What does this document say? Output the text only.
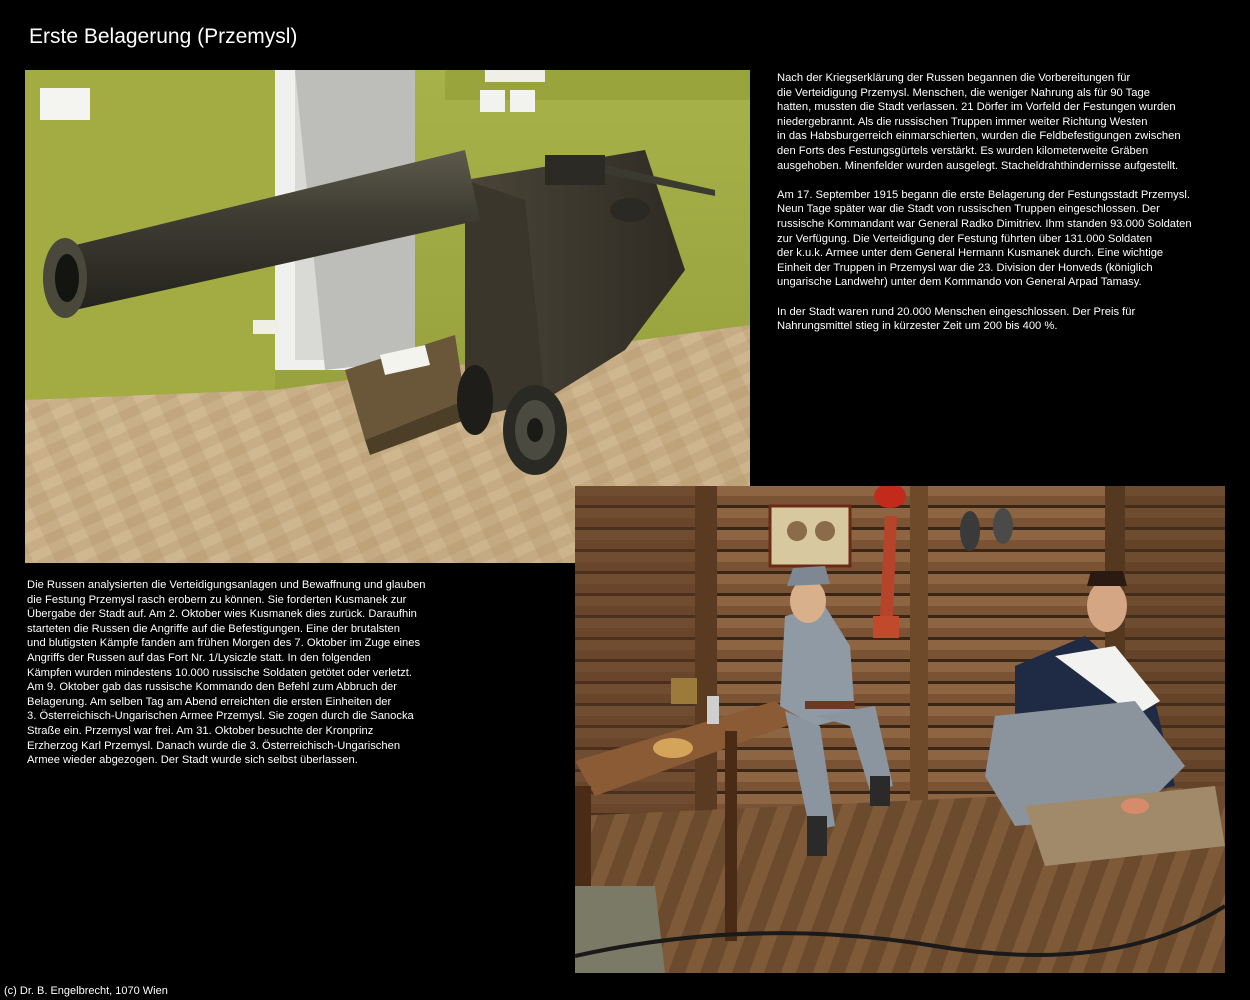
Erste Belagerung (Przemysl)

Nach der Kriegserklärung der Russen begannen die Vorbereitungen für
die Verteidigung Przemysl. Menschen, die weniger Nahrung als für 90 Tage
hatten, mussten die Stadt verlassen. 21 Dörfer im Vorfeld der Festungen wurden
niedergebrannt. Als die russischen Truppen immer weiter Richtung Westen
in das Habsburgerreich einmarschierten, wurden die Feldbefestigungen zwischen
den Forts des Festungsgürtels verstärkt. Es wurden kilometerweite Gräben
ausgehoben. Minenfelder wurden ausgelegt. Stacheldrahthindernisse aufgestellt.

Am 17. September 1915 begann die erste Belagerung der Festungsstadt Przemysl.
Neun Tage später war die Stadt von russischen Truppen eingeschlossen. Der
russische Kommandant war General Radko Dimitriev. Ihm standen 93.000 Soldaten
zur Verfügung. Die Verteidigung der Festung führten über 131.000 Soldaten
der k.u.k. Armee unter dem General Hermann Kusmanek durch. Eine wichtige
Einheit der Truppen in Przemysl war die 23. Division der Honveds (königlich
ungarische Landwehr) unter dem Kommando von General Arpad Tamasy.

In der Stadt waren rund 20.000 Menschen eingeschlossen. Der Preis für
Nahrungsmittel stieg in kürzester Zeit um 200 bis 400 %.

Die Russen analysierten die Verteidigungsanlagen und Bewaffnung und glauben
die Festung Przemysl rasch erobern zu können. Sie forderten Kusmanek zur
Übergabe der Stadt auf. Am 2. Oktober wies Kusmanek dies zurück. Daraufhin
starteten die Russen die Angriffe auf die Befestigungen. Eine der brutalsten
und blutigsten Kämpfe fanden am frühen Morgen des 7. Oktober im Zuge eines
Angriffs der Russen auf das Fort Nr. 1/Lysiczle statt. In den folgenden
Kämpfen wurden mindestens 10.000 russische Soldaten getötet oder verletzt.
Am 9. Oktober gab das russische Kommando den Befehl zum Abbruch der
Belagerung. Am selben Tag am Abend erreichten die ersten Einheiten der
3. Österreichisch-Ungarischen Armee Przemysl. Sie zogen durch die Sanocka
Straße ein. Przemysl war frei. Am 31. Oktober besuchte der Kronprinz
Erzherzog Karl Przemysl. Danach wurde die 3. Österreichisch-Ungarischen
Armee wieder abgezogen. Der Stadt wurde sich selbst überlassen.
(c) Dr. B. Engelbrecht, 1070 Wien
